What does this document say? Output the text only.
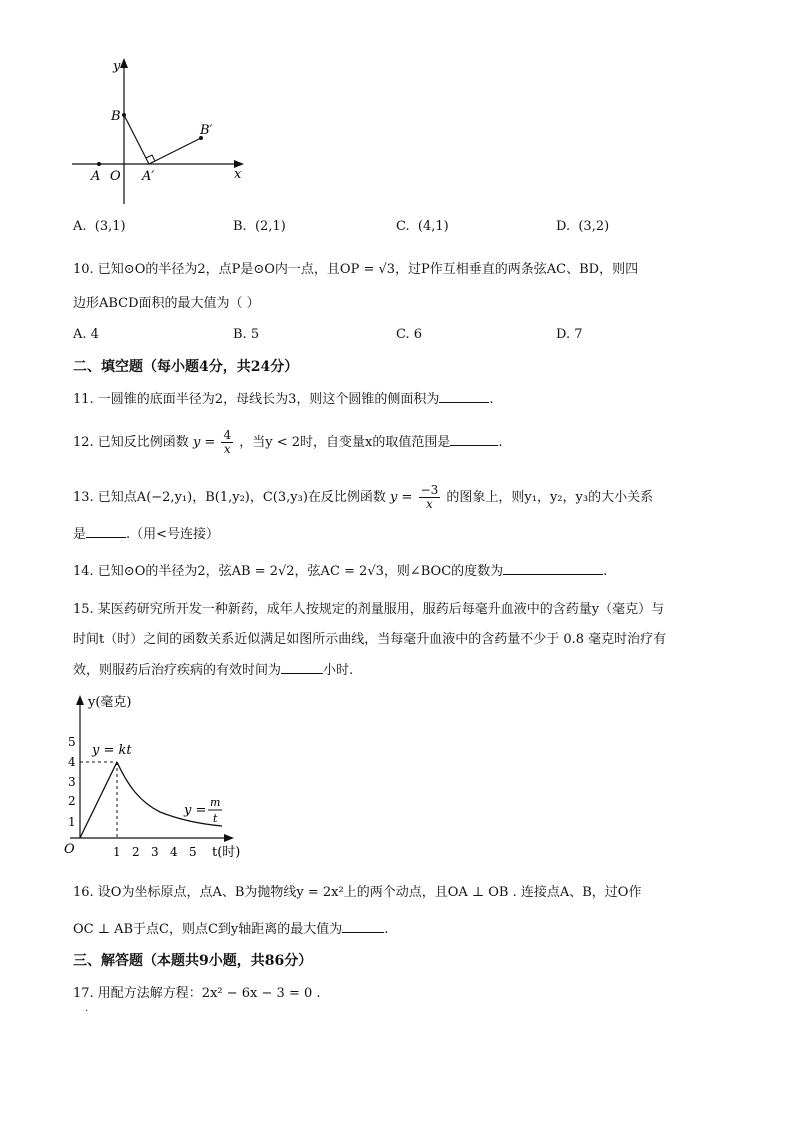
y
x
B
B′
A O A′
A. (3,1)	B. (2,1)	C. (4,1)	D. (3,2)
10. 已知⊙O的半径为2，点P是⊙O内一点，且OP = √3，过P作互相垂直的两条弦AC、BD，则四
边形ABCD面积的最大值为（ ）
A. 4	B. 5	C. 6	D. 7
二、填空题（每小题4分，共24分）
11. 一圆锥的底面半径为2，母线长为3，则这个圆锥的侧面积为	.
12. 已知反比例函数 $y = \frac{4}{x}$ ，当y < 2时，自变量x的取值范围是	.
13. 已知点A(−2,y₁)，B(1,y₂)，C(3,y₃)在反比例函数 $y = \frac{-3}{x}$ 的图象上，则y₁，y₂，y₃的大小关系
是	.（用<号连接）
14. 已知⊙O的半径为2，弦AB = 2√2，弦AC = 2√3，则∠BOC的度数为	.
15. 某医药研究所开发一种新药，成年人按规定的剂量服用，服药后每毫升血液中的含药量y（毫克）与
时间t（时）之间的函数关系近似满足如图所示曲线，当每毫升血液中的含药量不少于 0.8 毫克时治疗有
效，则服药后治疗疾病的有效时间为	小时.
1
2
3
4
5
1 2 3 4 5
O
y(毫克)
t(时)
y = kt
y =
m
t
16. 设O为坐标原点，点A、B为抛物线y = 2x²上的两个动点，且OA ⊥ OB . 连接点A、B，过O作
OC ⊥ AB于点C，则点C到y轴距离的最大值为	.
三、解答题（本题共9小题，共86分）
17. 用配方法解方程：2x² − 6x − 3 = 0 .
.
